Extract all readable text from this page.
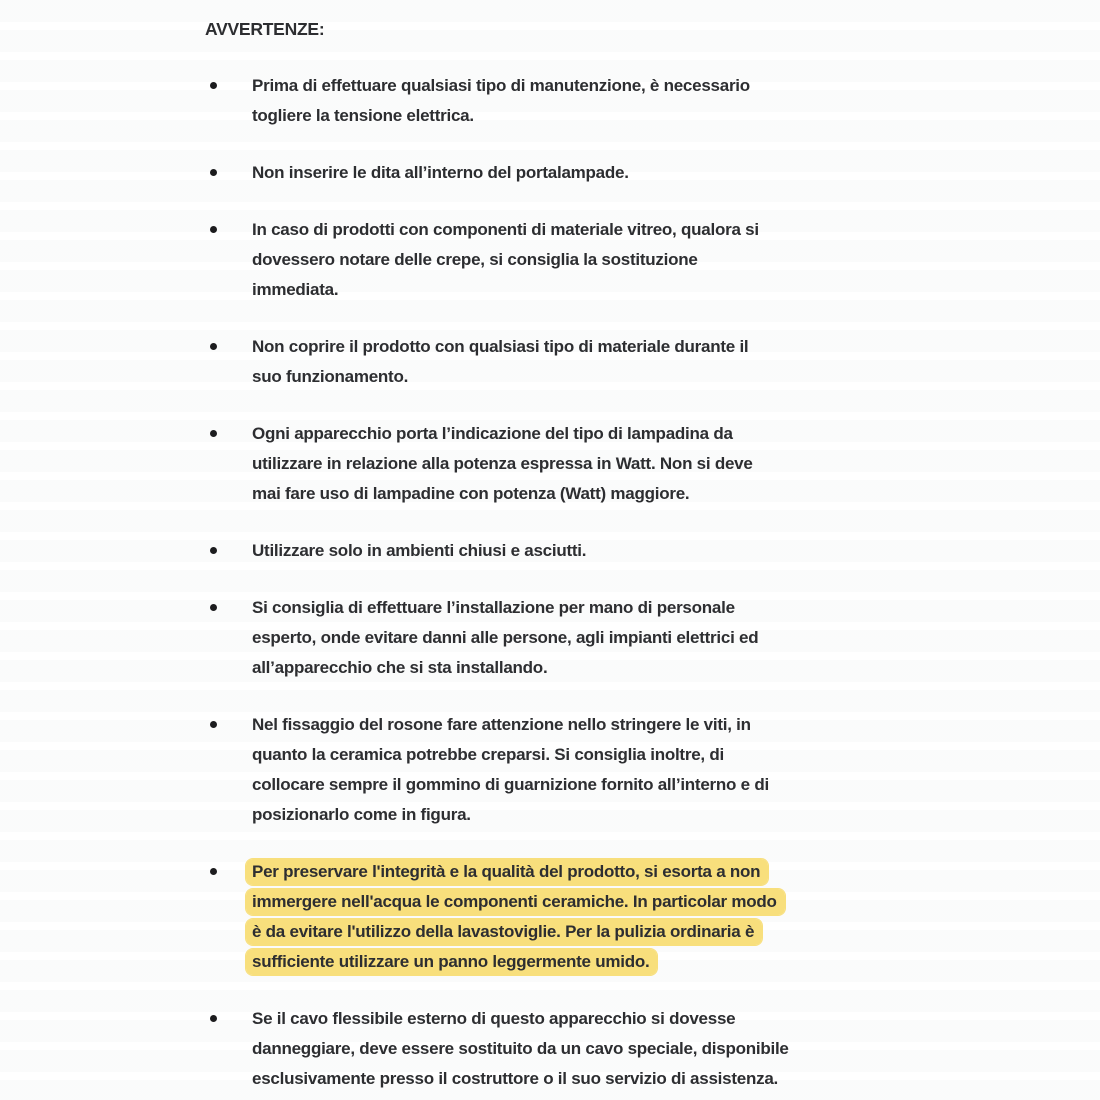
AVVERTENZE:
Prima di effettuare qualsiasi tipo di manutenzione, è necessario
togliere la tensione elettrica.
Non inserire le dita all’interno del portalampade.
In caso di prodotti con componenti di materiale vitreo, qualora si
dovessero notare delle crepe, si consiglia la sostituzione
immediata.
Non coprire il prodotto con qualsiasi tipo di materiale durante il
suo funzionamento.
Ogni apparecchio porta l’indicazione del tipo di lampadina da
utilizzare in relazione alla potenza espressa in Watt. Non si deve
mai fare uso di lampadine con potenza (Watt) maggiore.
Utilizzare solo in ambienti chiusi e asciutti.
Si consiglia di effettuare l’installazione per mano di personale
esperto, onde evitare danni alle persone, agli impianti elettrici ed
all’apparecchio che si sta installando.
Nel fissaggio del rosone fare attenzione nello stringere le viti, in
quanto la ceramica potrebbe creparsi. Si consiglia inoltre, di
collocare sempre il gommino di guarnizione fornito all’interno e di
posizionarlo come in figura.
Per preservare l'integrità e la qualità del prodotto, si esorta a non
immergere nell'acqua le componenti ceramiche. In particolar modo
è da evitare l'utilizzo della lavastoviglie. Per la pulizia ordinaria è
sufficiente utilizzare un panno leggermente umido.
Se il cavo flessibile esterno di questo apparecchio si dovesse
danneggiare, deve essere sostituito da un cavo speciale, disponibile
esclusivamente presso il costruttore o il suo servizio di assistenza.
